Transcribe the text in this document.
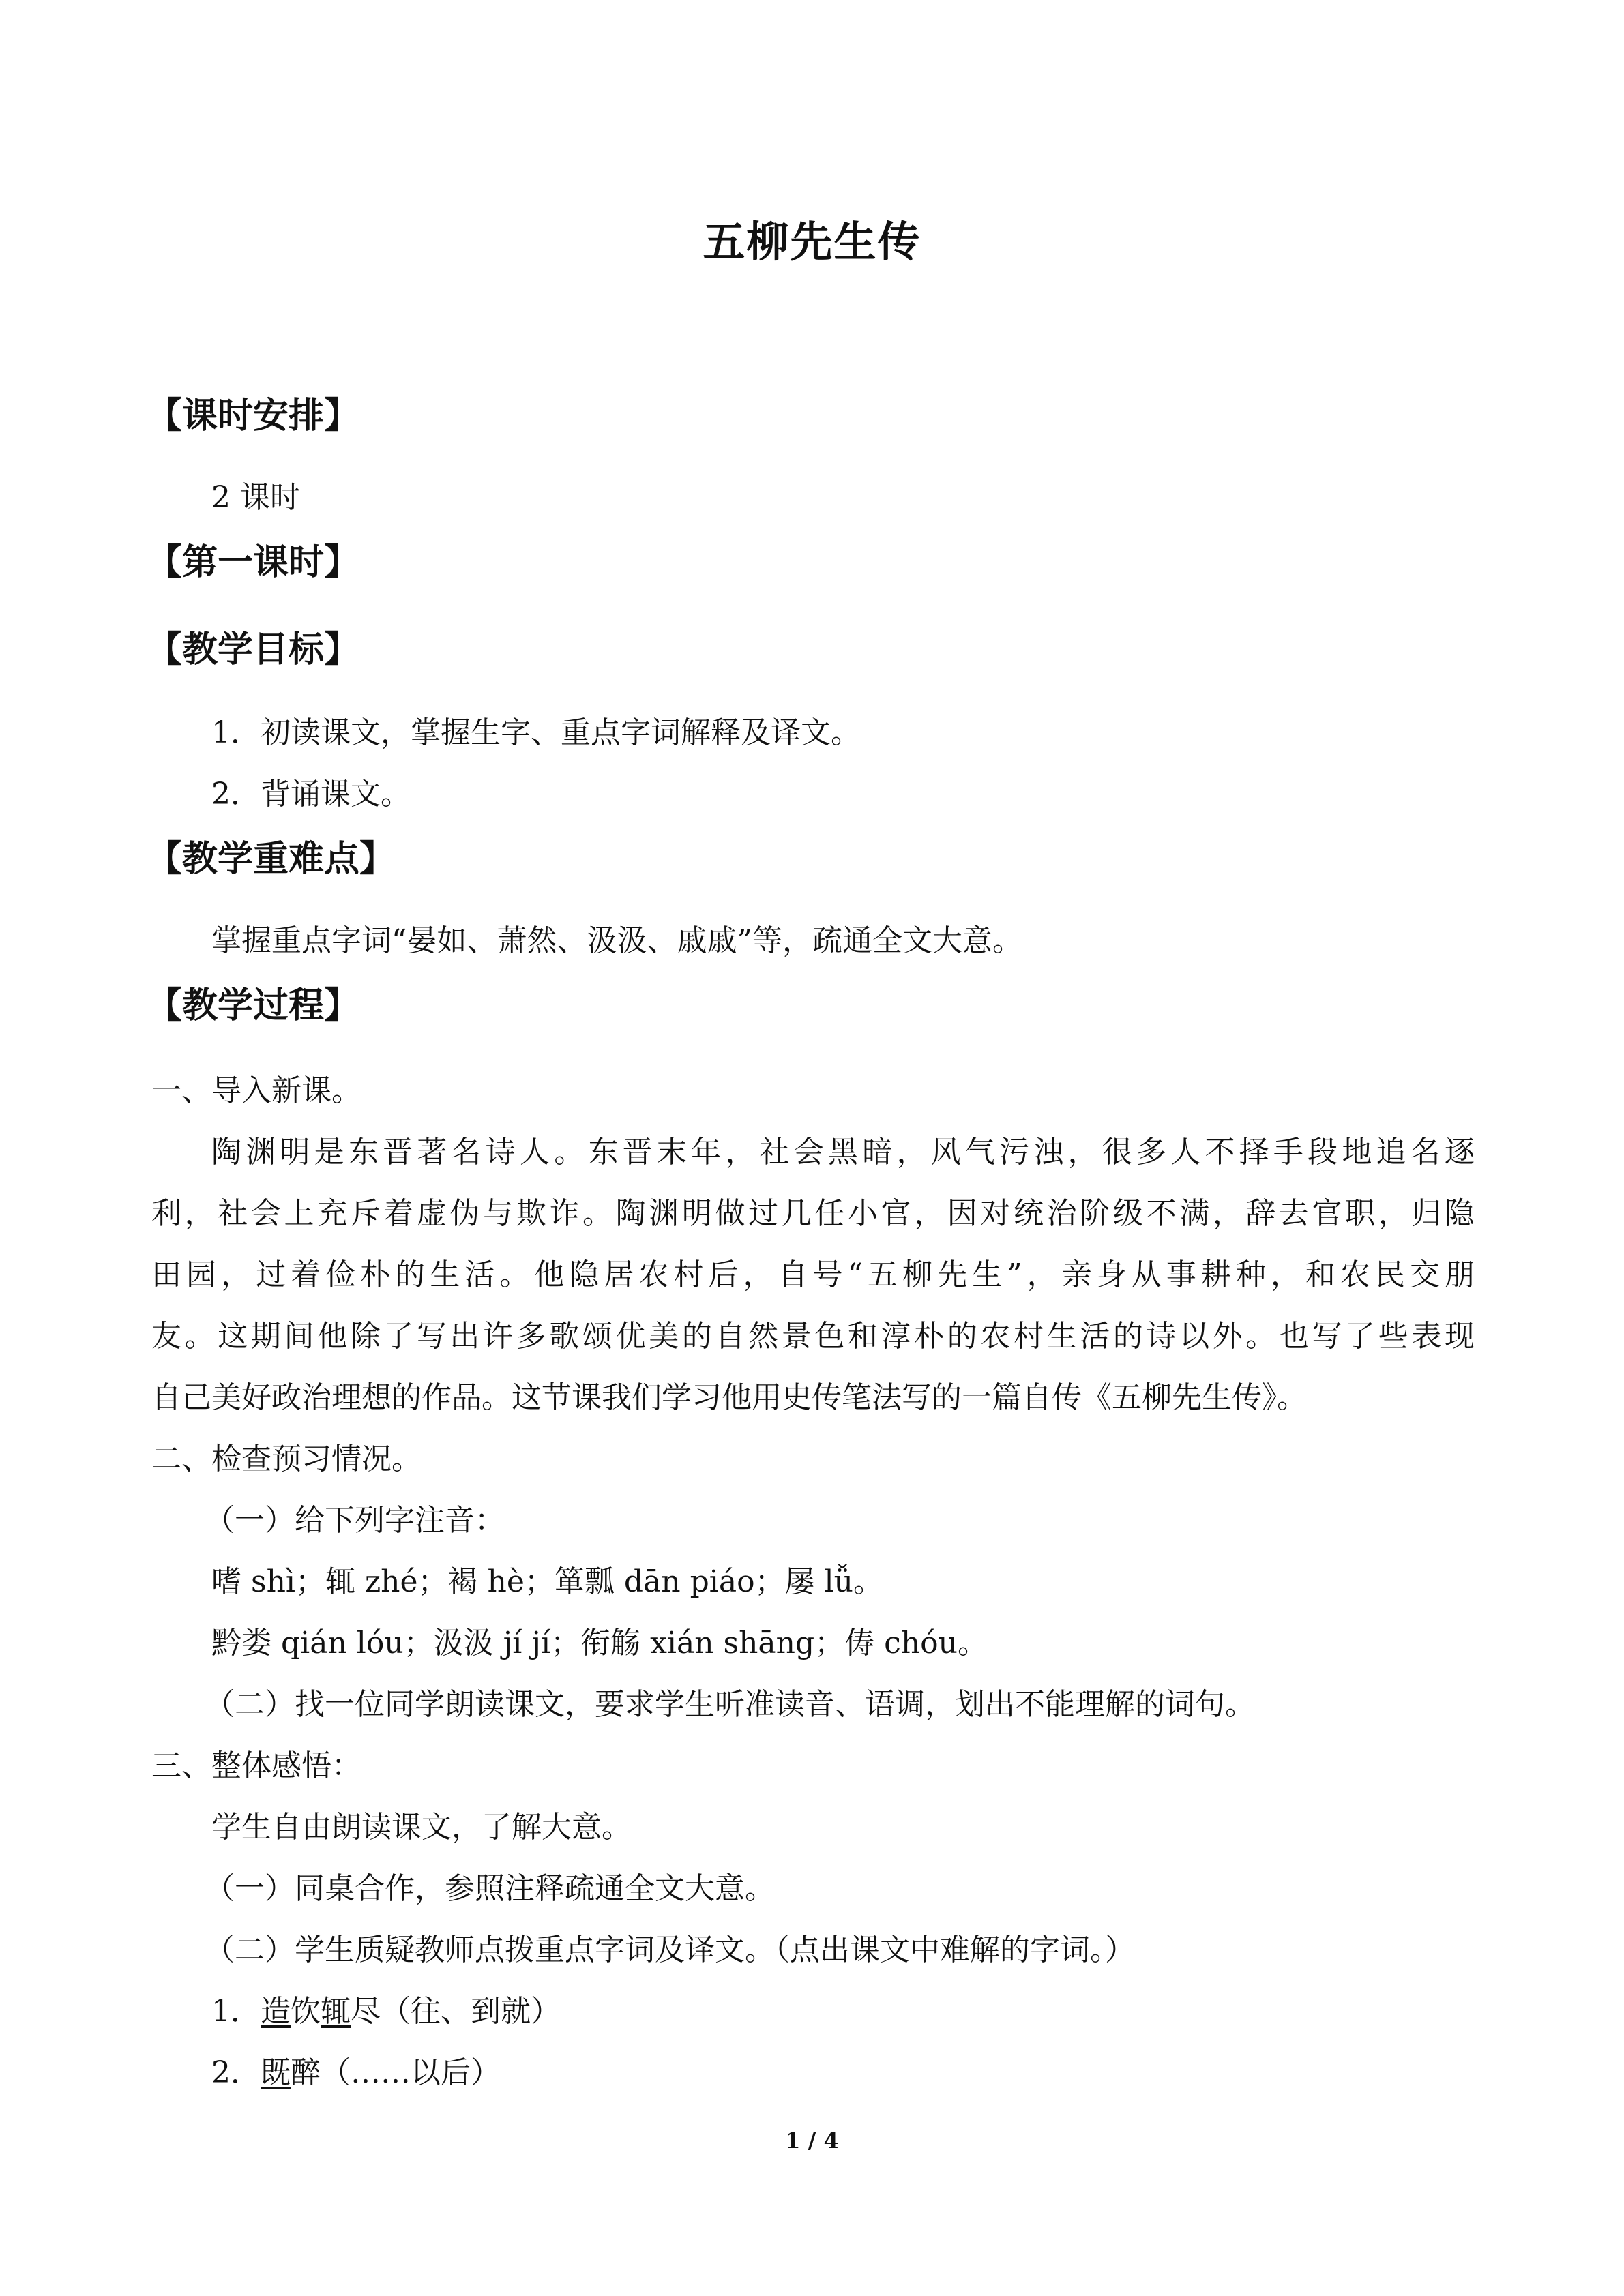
五柳先生传
【课时安排】
2 课时
【第一课时】
【教学目标】
1．初读课文，掌握生字、重点字词解释及译文。
2．背诵课文。
【教学重难点】
掌握重点字词“晏如、萧然、汲汲、戚戚”等，疏通全文大意。
【教学过程】
一、导入新课。
陶渊明是东晋著名诗人。东晋末年，社会黑暗，风气污浊，很多人不择手段地追名逐
利，社会上充斥着虚伪与欺诈。陶渊明做过几任小官，因对统治阶级不满，辞去官职，归隐
田园，过着俭朴的生活。他隐居农村后，自号“五柳先生”，亲身从事耕种，和农民交朋
友。这期间他除了写出许多歌颂优美的自然景色和淳朴的农村生活的诗以外。也写了些表现
自己美好政治理想的作品。这节课我们学习他用史传笔法写的一篇自传《五柳先生传》。
二、检查预习情况。
（一）给下列字注音：
嗜 shì；辄 zhé；褐 hè；箪瓢 dān piáo；屡 lǚ。
黔娄 qián lóu；汲汲 jí jí；衔觞 xián shāng；俦 chóu。
（二）找一位同学朗读课文，要求学生听准读音、语调，划出不能理解的词句。
三、整体感悟：
学生自由朗读课文，了解大意。
（一）同桌合作，参照注释疏通全文大意。
（二）学生质疑教师点拨重点字词及译文。（点出课文中难解的字词。）
1．造饮辄尽（往、到就）
2．既醉（……以后）
1 / 4
